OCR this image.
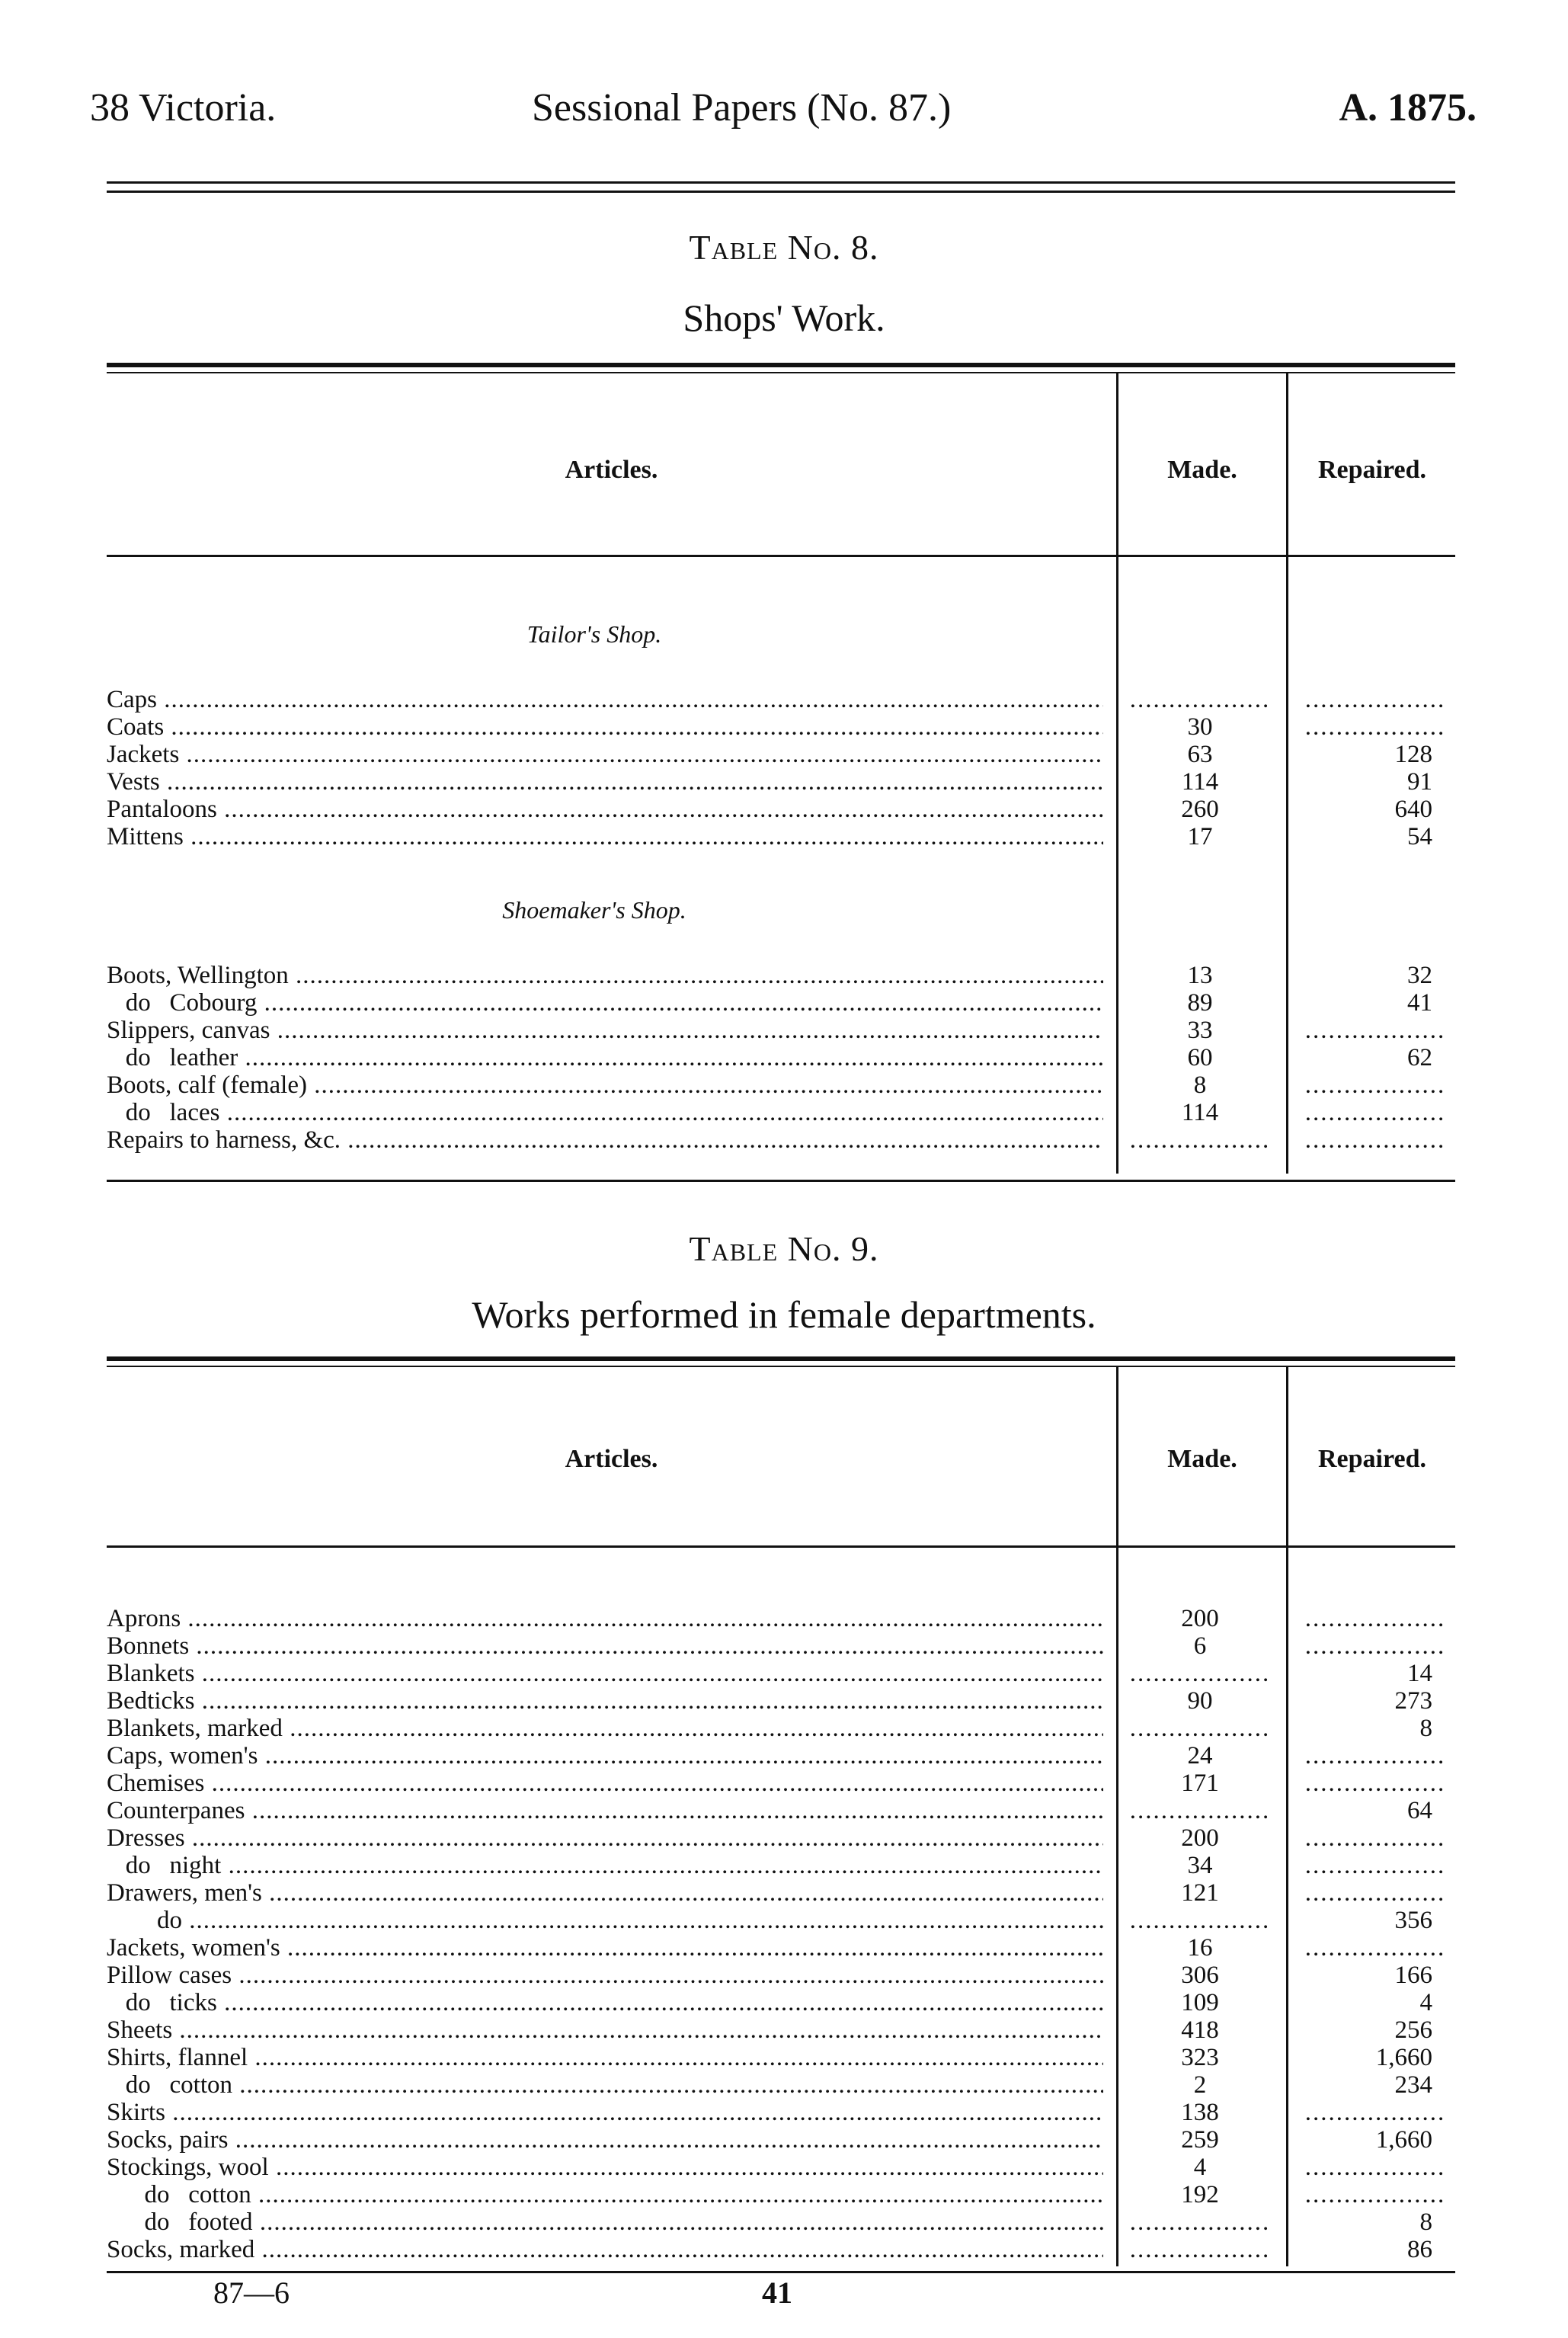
38 Victoria.	Sessional Papers (No. 87.)	A. 1875.
Table No. 8.
Shops' Work.
Articles.	Made.	Repaired.
Tailor's Shop.
Caps .....	..................	..................
Coats .....	30	..................
Jackets .....	63	128
Vests .....	114	91
Pantaloons .....	260	640
Mittens .....	17	54
Shoemaker's Shop.
Boots, Wellington .....	13	32
do   Cobourg .....	89	41
Slippers, canvas .....	33	..................
do   leather .....	60	62
Boots, calf (female) .....	8	..................
do   laces .....	114	..................
Repairs to harness, &c. .....	..................	..................
Table No. 9.
Works performed in female departments.
Articles.	Made.	Repaired.
Aprons .....	200	..................
Bonnets .....	6	..................
Blankets .....	..................	14
Bedticks .....	90	273
Blankets, marked .....	..................	8
Caps, women's .....	24	..................
Chemises .....	171	..................
Counterpanes .....	..................	64
Dresses .....	200	..................
do   night .....	34	..................
Drawers, men's .....	121	..................
do .....	..................	356
Jackets, women's .....	16	..................
Pillow cases .....	306	166
do   ticks .....	109	4
Sheets .....	418	256
Shirts, flannel .....	323	1,660
do   cotton .....	2	234
Skirts .....	138	..................
Socks, pairs .....	259	1,660
Stockings, wool .....	4	..................
do   cotton .....	192	..................
do   footed .....	..................	8
Socks, marked .....	..................	86
87—6	41
